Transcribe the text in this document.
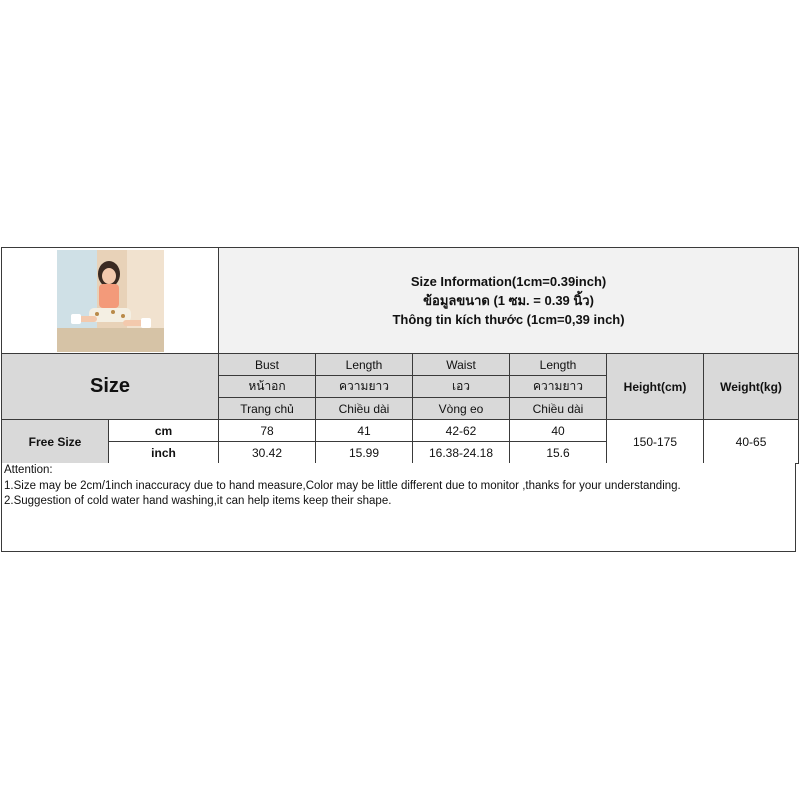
Size Information(1cm=0.39inch)
ข้อมูลขนาด (1 ซม. = 0.39 นิ้ว)
Thông tin kích thước (1cm=0,39 inch)					

Size		Bust	Length	Waist	Length	Height(cm)	Weight(kg)
		หน้าอก	ความยาว	เอว	ความยาว		
		Trang chủ	Chiều dài	Vòng eo	Chiều dài		
Free Size	cm	78	41	42-62	40	150-175	40-65
	inch	30.42	15.99	16.38-24.18	15.6		
Attention:
1.Size may be 2cm/1inch inaccuracy due to hand measure,Color may be little different due to monitor ,thanks for your understanding.
2.Suggestion of cold water hand washing,it can help items keep their shape.
